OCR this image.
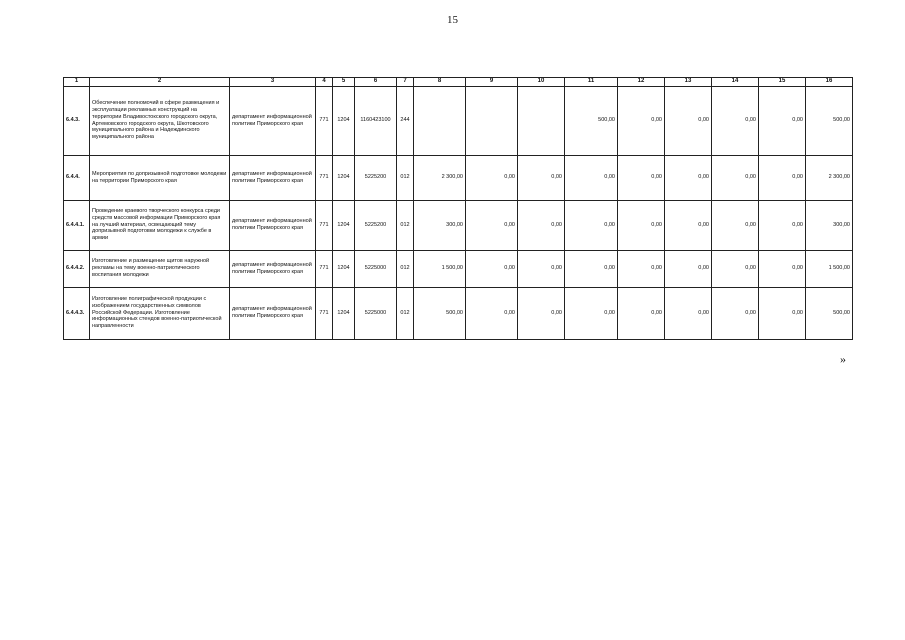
15
1	2	3	4	5	6	7	8	9	10	11	12	13	14	15	16
6.4.3.	Обеспечение полномочий в сфере размещения и эксплуатации рекламных конструкций на территории Владивостокского городского округа, Артемовского городского округа, Шкотовского муниципального района и Надеждинского муниципального района	департамент информационной политики Приморского края	771	1204	1160423100	244				500,00	0,00	0,00	0,00	0,00	500,00
6.4.4.	Мероприятия по допризывной подготовке молодежи на территории Приморского края	департамент информационной политики Приморского края	771	1204	5225200	012	2 300,00	0,00	0,00	0,00	0,00	0,00	0,00	0,00	2 300,00
6.4.4.1.	Проведение краевого творческого конкурса среди средств массовой информации Приморского края на лучший материал, освещающий тему допризывной подготовки молодежи к службе в армии	департамент информационной политики Приморского края	771	1204	5225200	012	300,00	0,00	0,00	0,00	0,00	0,00	0,00	0,00	300,00
6.4.4.2.	Изготовление и размещение щитов наружной рекламы на тему военно-патриотического воспитания молодежи	департамент информационной политики Приморского края	771	1204	5225000	012	1 500,00	0,00	0,00	0,00	0,00	0,00	0,00	0,00	1 500,00
6.4.4.3.	Изготовление полиграфической продукции с изображением государственных символов Российской Федерации. Изготовление информационных стендов военно-патриотической направленности	департамент информационной политики Приморского края	771	1204	5225000	012	500,00	0,00	0,00	0,00	0,00	0,00	0,00	0,00	500,00
»
